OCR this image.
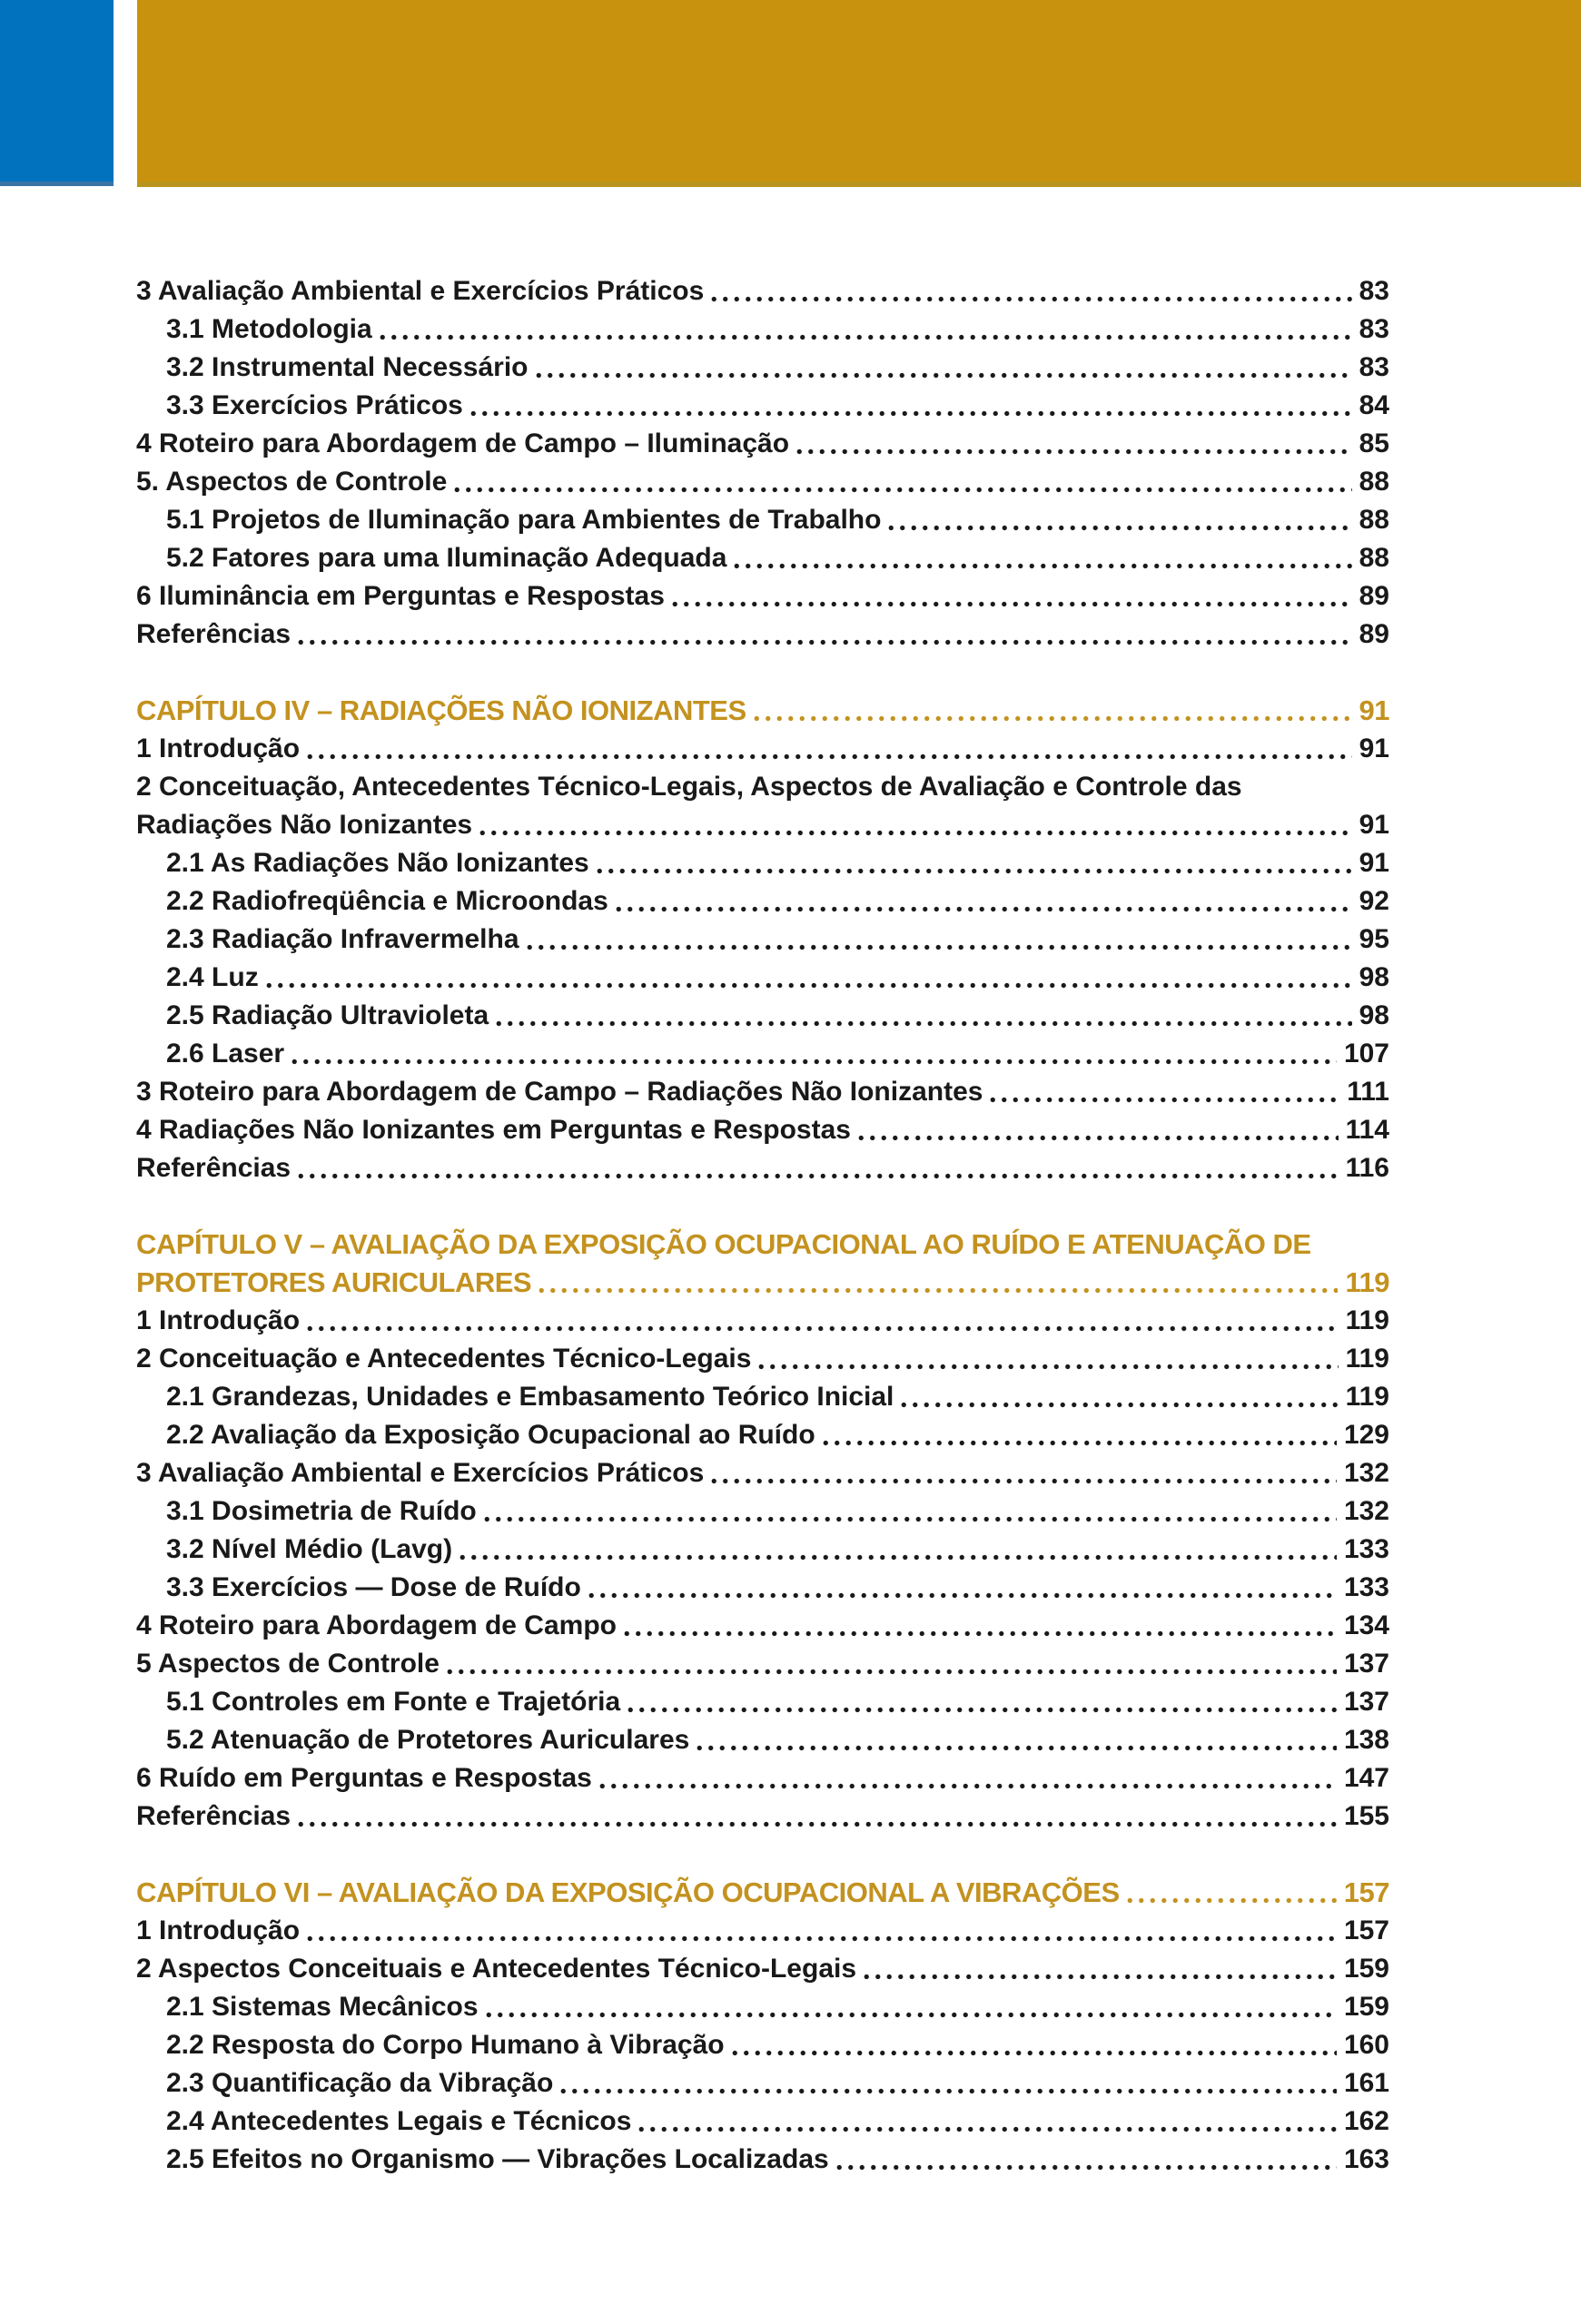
3 Avaliação Ambiental e Exercícios Práticos	83
3.1 Metodologia	83
3.2 Instrumental Necessário	83
3.3 Exercícios Práticos	84
4 Roteiro para Abordagem de Campo – Iluminação	85
5. Aspectos de Controle	88
5.1 Projetos de Iluminação para Ambientes de Trabalho	88
5.2 Fatores para uma Iluminação Adequada	88
6 Iluminância em Perguntas e Respostas	89
Referências	89
CAPÍTULO IV – RADIAÇÕES NÃO IONIZANTES	91
1 Introdução	91
2 Conceituação, Antecedentes Técnico-Legais, Aspectos de Avaliação e Controle das
Radiações Não Ionizantes	91
2.1 As Radiações Não Ionizantes	91
2.2 Radiofreqüência e Microondas	92
2.3 Radiação Infravermelha	95
2.4 Luz	98
2.5 Radiação Ultravioleta	98
2.6 Laser	107
3 Roteiro para Abordagem de Campo – Radiações Não Ionizantes	111
4 Radiações Não Ionizantes em Perguntas e Respostas	114
Referências	116
CAPÍTULO V – AVALIAÇÃO DA EXPOSIÇÃO OCUPACIONAL AO RUÍDO E ATENUAÇÃO DE
PROTETORES AURICULARES	119
1 Introdução	119
2 Conceituação e Antecedentes Técnico-Legais	119
2.1 Grandezas, Unidades e Embasamento Teórico Inicial	119
2.2 Avaliação da Exposição Ocupacional ao Ruído	129
3 Avaliação Ambiental e Exercícios Práticos	132
3.1 Dosimetria de Ruído	132
3.2 Nível Médio (Lavg)	133
3.3 Exercícios — Dose de Ruído	133
4 Roteiro para Abordagem de Campo	134
5 Aspectos de Controle	137
5.1 Controles em Fonte e Trajetória	137
5.2 Atenuação de Protetores Auriculares	138
6 Ruído em Perguntas e Respostas	147
Referências	155
CAPÍTULO VI – AVALIAÇÃO DA EXPOSIÇÃO OCUPACIONAL A VIBRAÇÕES	157
1 Introdução	157
2 Aspectos Conceituais e Antecedentes Técnico-Legais	159
2.1 Sistemas Mecânicos	159
2.2 Resposta do Corpo Humano à Vibração	160
2.3 Quantificação da Vibração	161
2.4 Antecedentes Legais e Técnicos	162
2.5 Efeitos no Organismo — Vibrações Localizadas	163
